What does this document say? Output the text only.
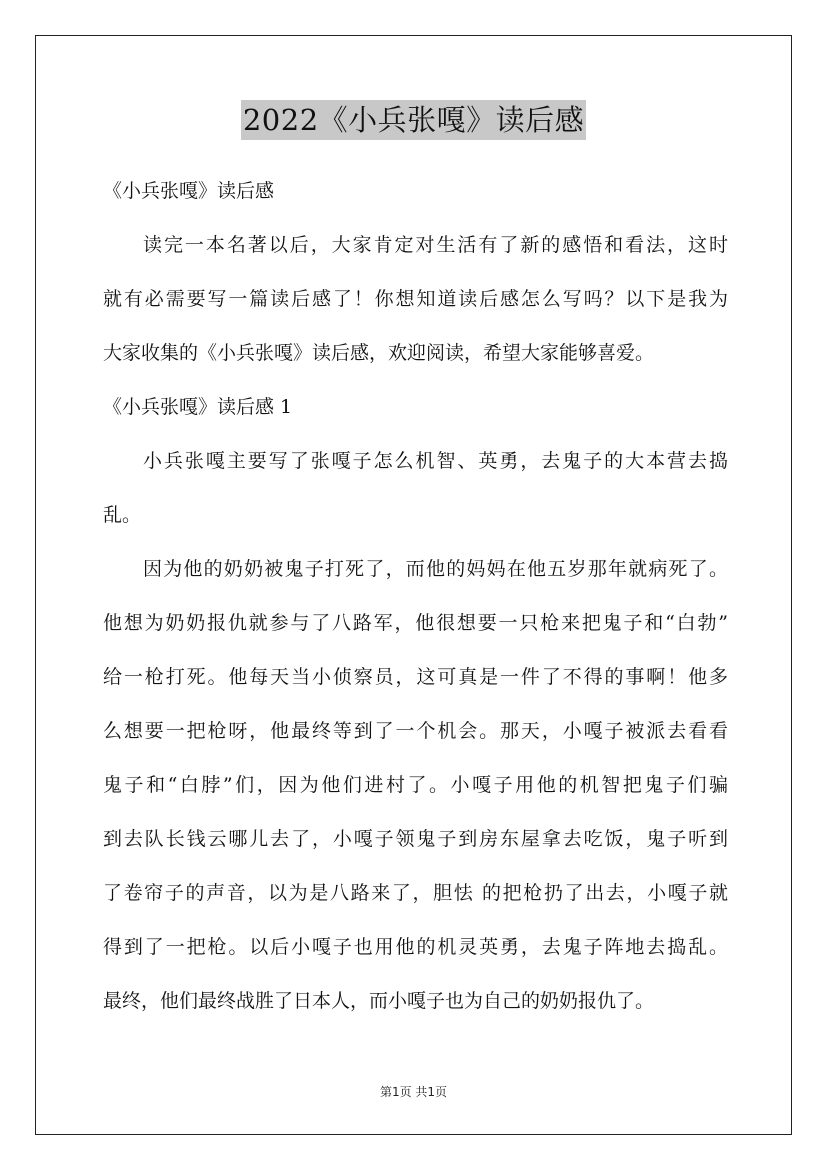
2022《小兵张嘎》读后感

《小兵张嘎》读后感

读完一本名著以后，大家肯定对生活有了新的感悟和看法，这时

就有必需要写一篇读后感了！你想知道读后感怎么写吗？以下是我为

大家收集的《小兵张嘎》读后感，欢迎阅读，希望大家能够喜爱。

《小兵张嘎》读后感 1

小兵张嘎主要写了张嘎子怎么机智、英勇，去鬼子的大本营去捣

乱。

因为他的奶奶被鬼子打死了，而他的妈妈在他五岁那年就病死了。

他想为奶奶报仇就参与了八路军，他很想要一只枪来把鬼子和“白勃”

给一枪打死。他每天当小侦察员，这可真是一件了不得的事啊！他多

么想要一把枪呀，他最终等到了一个机会。那天，小嘎子被派去看看

鬼子和“白脖”们，因为他们进村了。小嘎子用他的机智把鬼子们骗

到去队长钱云哪儿去了，小嘎子领鬼子到房东屋拿去吃饭，鬼子听到

了卷帘子的声音，以为是八路来了，胆怯 的把枪扔了出去，小嘎子就

得到了一把枪。以后小嘎子也用他的机灵英勇，去鬼子阵地去捣乱。

最终，他们最终战胜了日本人，而小嘎子也为自己的奶奶报仇了。

第1页 共1页
